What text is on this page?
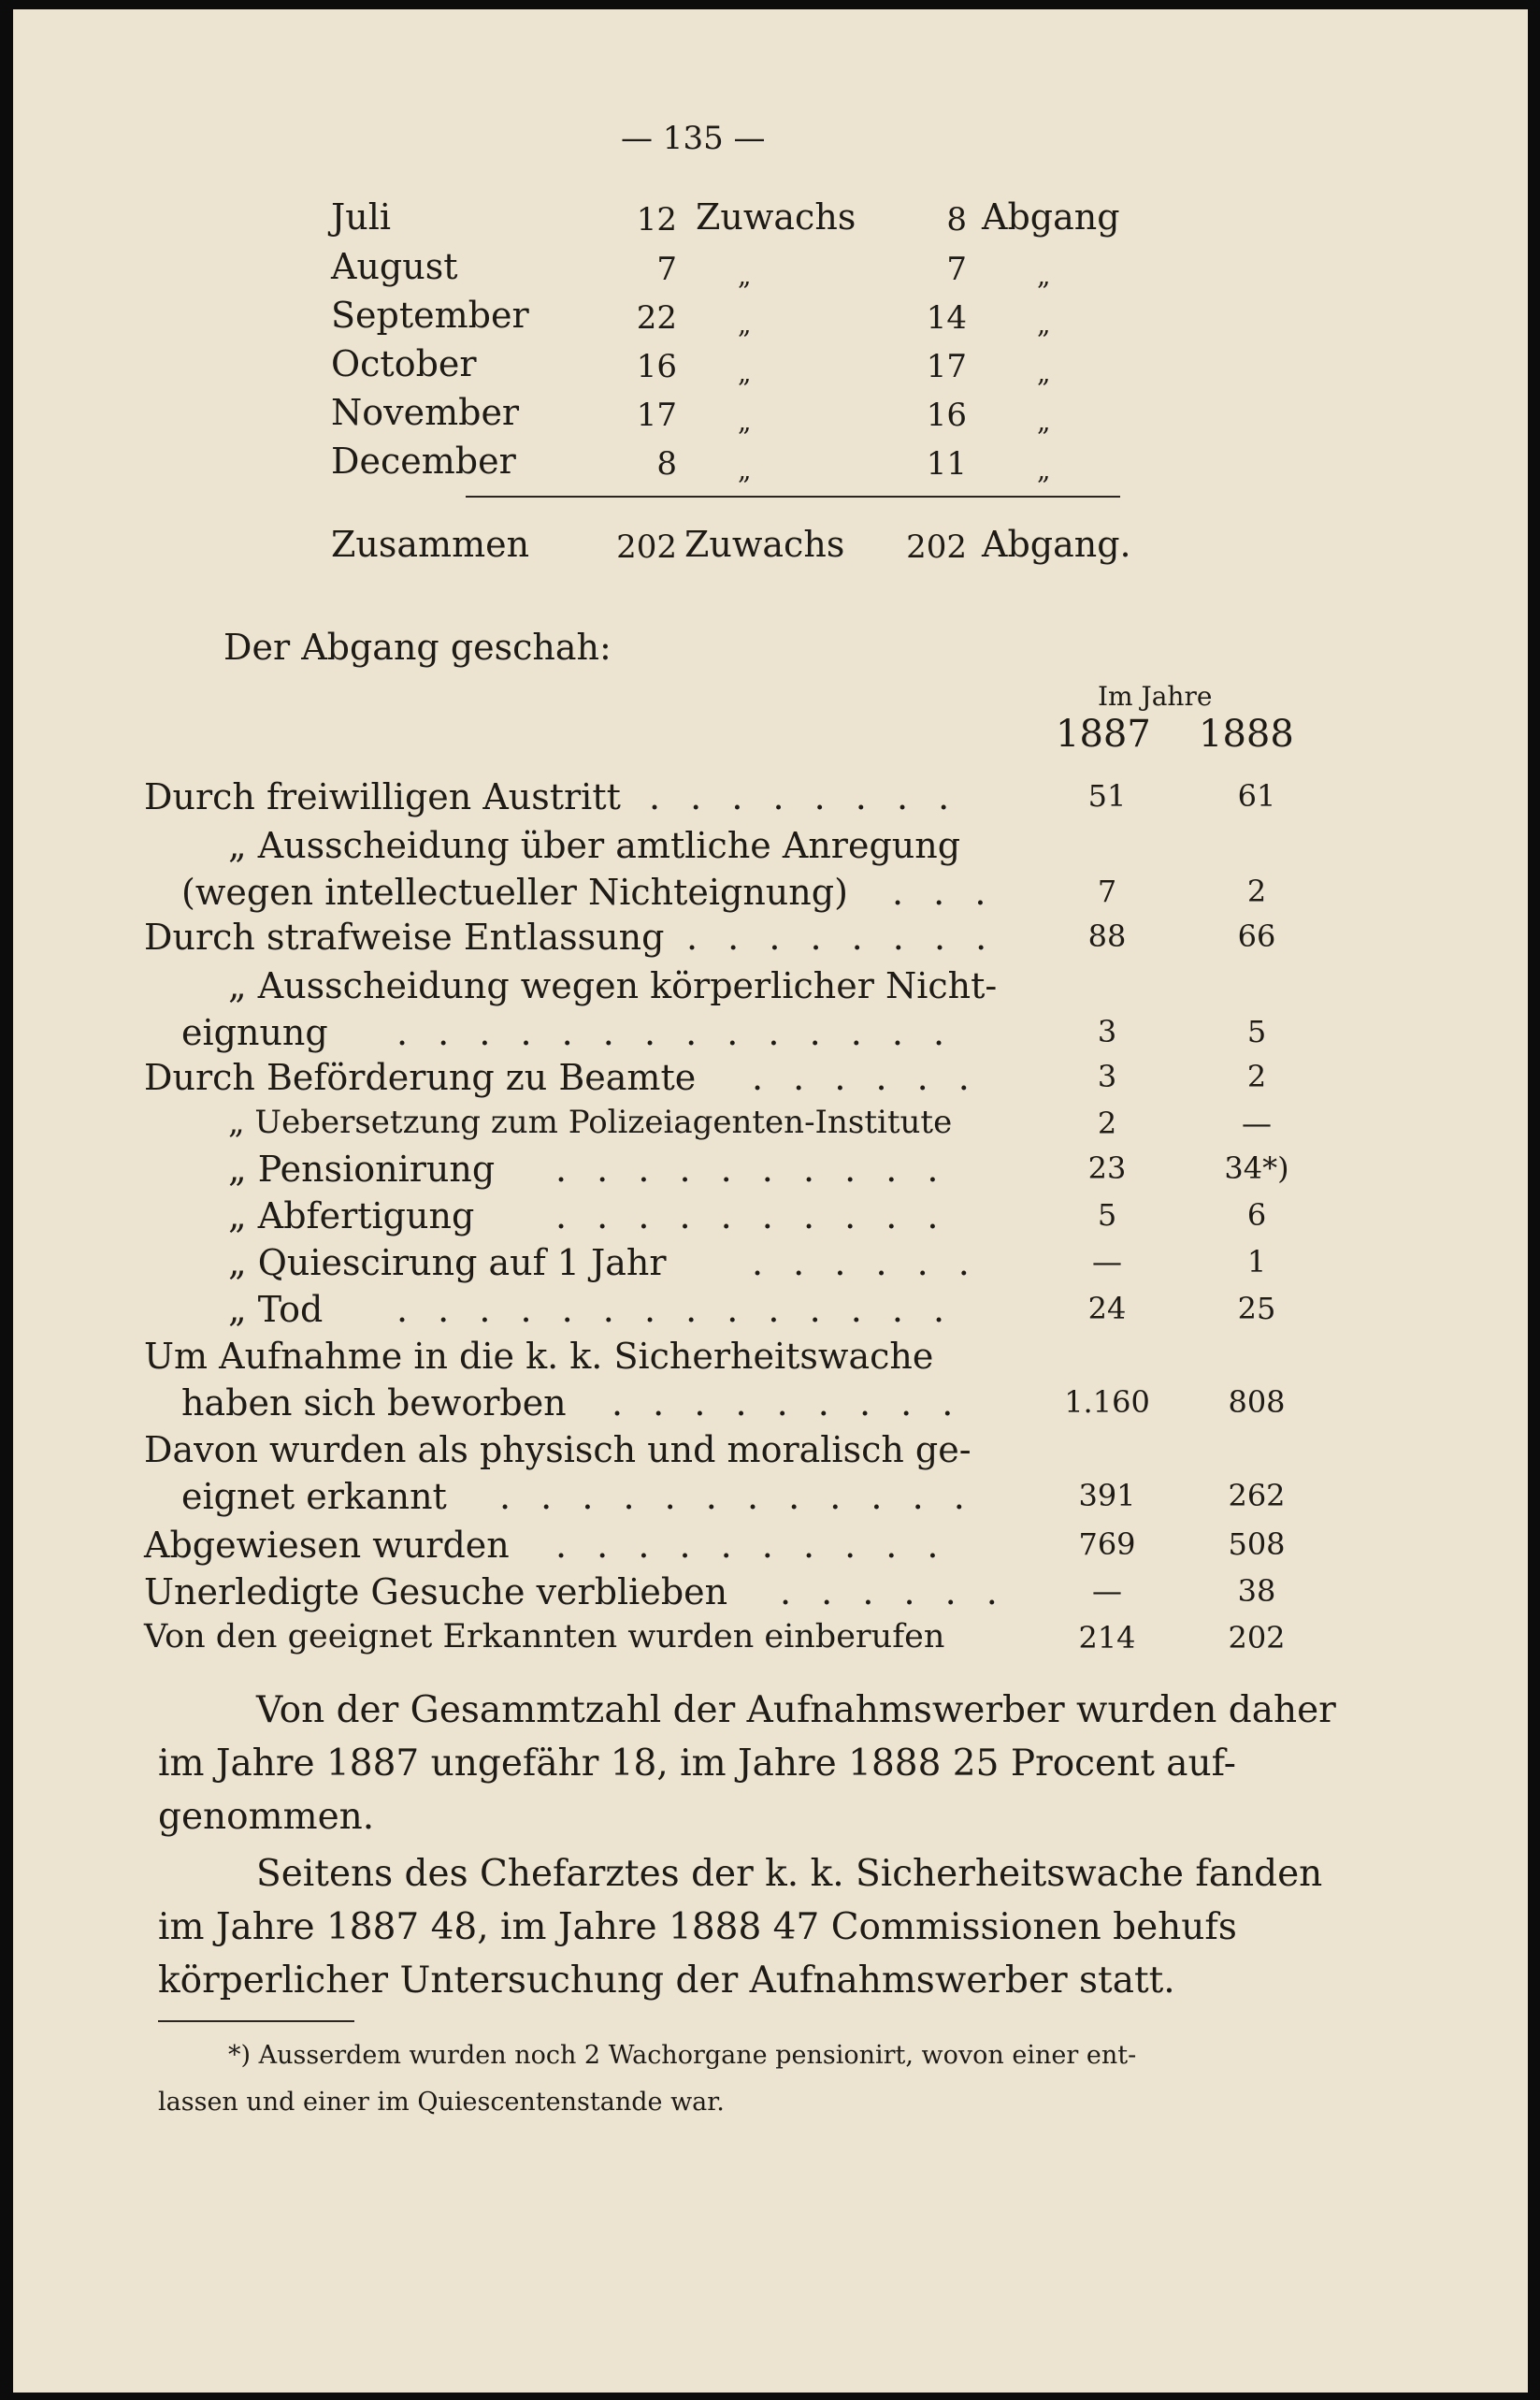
— 135 —
Juli	12 Zuwachs	8 Abgang
August	7 „	7	„
September	22 „	14	„
October	16 „	17	„
November	17 „	16	„
December	8 „	11	„
Zusammen	202 Zuwachs	202 Abgang.
Der Abgang geschah:
Im Jahre
1887 1888
Durch freiwilligen Austritt . . . . . . . .	51	61
„ Ausscheidung über amtliche Anregung
(wegen intellectueller Nichteignung) . . .	7	2
Durch strafweise Entlassung . . . . . . . .	88	66
„ Ausscheidung wegen körperlicher Nicht-
eignung . . . . . . . . . . . . . .	3	5
Durch Beförderung zu Beamte . . . . . .	3	2
„ Uebersetzung zum Polizeiagenten-Institute	2	—
„ Pensionirung . . . . . . . . . .	23	34*)
„ Abfertigung . . . . . . . . . .	5	6
„ Quiescirung auf 1 Jahr . . . . . .	—	1
„ Tod . . . . . . . . . . . . . .	24	25
Um Aufnahme in die k. k. Sicherheitswache
haben sich beworben . . . . . . . . .	1.160	808
Davon wurden als physisch und moralisch ge-
eignet erkannt . . . . . . . . . . . .	391	262
Abgewiesen wurden . . . . . . . . . .	769	508
Unerledigte Gesuche verblieben . . . . . .	—	38
Von den geeignet Erkannten wurden einberufen	214	202
Von der Gesammtzahl der Aufnahmswerber wurden daher
im Jahre 1887 ungefähr 18, im Jahre 1888 25 Procent auf-
genommen.
Seitens des Chefarztes der k. k. Sicherheitswache fanden
im Jahre 1887 48, im Jahre 1888 47 Commissionen behufs
körperlicher Untersuchung der Aufnahmswerber statt.
*) Ausserdem wurden noch 2 Wachorgane pensionirt, wovon einer ent-
lassen und einer im Quiescentenstande war.
